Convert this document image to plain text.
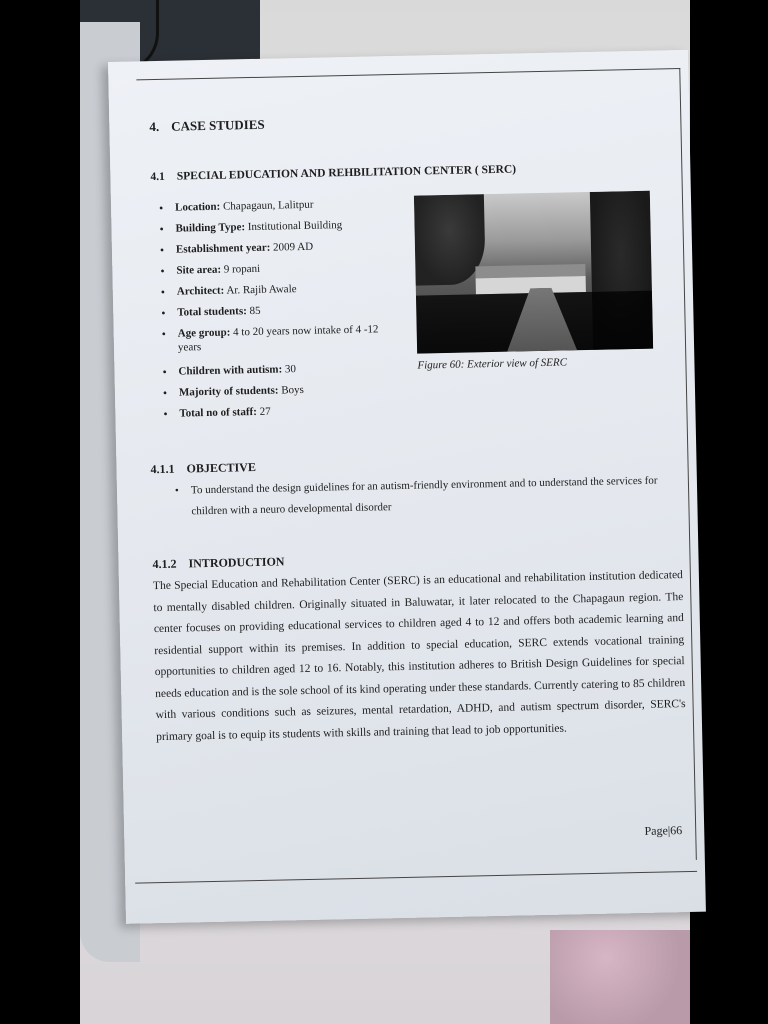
4. CASE STUDIES
4.1 SPECIAL EDUCATION AND REHBILITATION CENTER ( SERC)
• Location: Chapagaun, Lalitpur
• Building Type: Institutional Building
• Establishment year: 2009 AD
• Site area: 9 ropani
• Architect: Ar. Rajib Awale
• Total students: 85
• Age group: 4 to 20 years now intake of 4 -12 years
• Children with autism: 30
• Majority of students: Boys
• Total no of staff: 27
Figure 60: Exterior view of SERC
4.1.1 OBJECTIVE
• To understand the design guidelines for an autism-friendly environment and to understand the services for children with a neuro developmental disorder
4.1.2 INTRODUCTION

The Special Education and Rehabilitation Center (SERC) is an educational and rehabilitation institution dedicated to mentally disabled children. Originally situated in Baluwatar, it later relocated to the Chapagaun region. The center focuses on providing educational services to children aged 4 to 12 and offers both academic learning and residential support within its premises. In addition to special education, SERC extends vocational training opportunities to children aged 12 to 16. Notably, this institution adheres to British Design Guidelines for special needs education and is the sole school of its kind operating under these standards. Currently catering to 85 children with various conditions such as seizures, mental retardation, ADHD, and autism spectrum disorder, SERC's primary goal is to equip its students with skills and training that lead to job opportunities.

Page|66
